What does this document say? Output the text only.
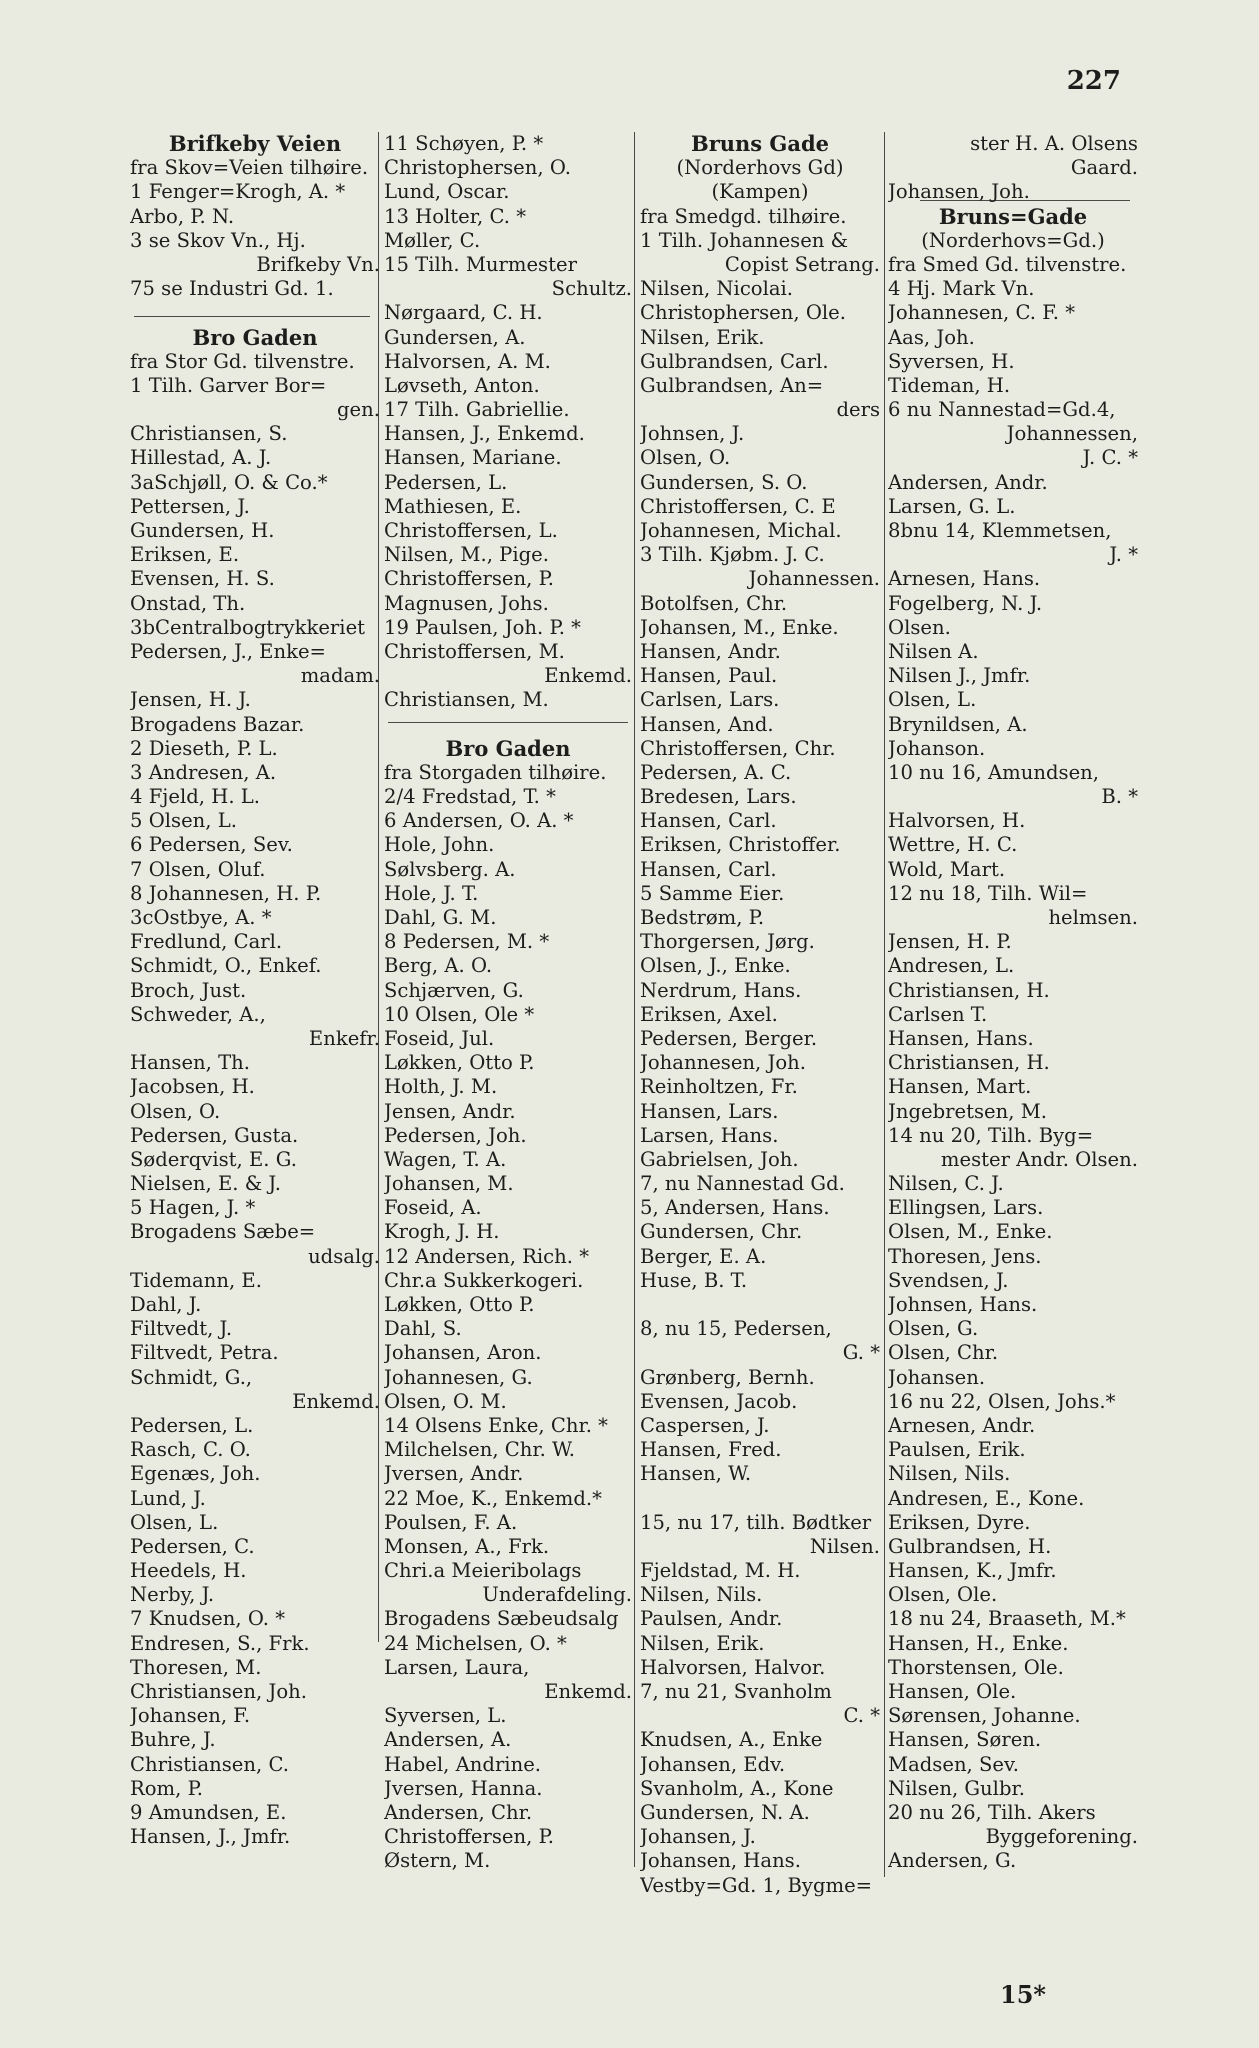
227
Brifkeby Veien
fra Skov=Veien tilhøire.
1 Fenger=Krogh, A. *
Arbo, P. N.
3 se Skov Vn., Hj.
Brifkeby Vn.
75 se Industri Gd. 1.
Bro Gaden
fra Stor Gd. tilvenstre.
1 Tilh. Garver Bor=
gen.
Christiansen, S.
Hillestad, A. J.
3aSchjøll, O. & Co.*
Pettersen, J.
Gundersen, H.
Eriksen, E.
Evensen, H. S.
Onstad, Th.
3bCentralbogtrykkeriet
Pedersen, J., Enke=
madam.
Jensen, H. J.
Brogadens Bazar.
2 Dieseth, P. L.
3 Andresen, A.
4 Fjeld, H. L.
5 Olsen, L.
6 Pedersen, Sev.
7 Olsen, Oluf.
8 Johannesen, H. P.
3cOstbye, A. *
Fredlund, Carl.
Schmidt, O., Enkef.
Broch, Just.
Schweder, A.,
Enkefr.
Hansen, Th.
Jacobsen, H.
Olsen, O.
Pedersen, Gusta.
Søderqvist, E. G.
Nielsen, E. & J.
5 Hagen, J. *
Brogadens Sæbe=
udsalg.
Tidemann, E.
Dahl, J.
Filtvedt, J.
Filtvedt, Petra.
Schmidt, G.,
Enkemd.
Pedersen, L.
Rasch, C. O.
Egenæs, Joh.
Lund, J.
Olsen, L.
Pedersen, C.
Heedels, H.
Nerby, J.
7 Knudsen, O. *
Endresen, S., Frk.
Thoresen, M.
Christiansen, Joh.
Johansen, F.
Buhre, J.
Christiansen, C.
Rom, P.
9 Amundsen, E.
Hansen, J., Jmfr.
11 Schøyen, P. *
Christophersen, O.
Lund, Oscar.
13 Holter, C. *
Møller, C.
15 Tilh. Murmester
Schultz.
Nørgaard, C. H.
Gundersen, A.
Halvorsen, A. M.
Løvseth, Anton.
17 Tilh. Gabriellie.
Hansen, J., Enkemd.
Hansen, Mariane.
Pedersen, L.
Mathiesen, E.
Christoffersen, L.
Nilsen, M., Pige.
Christoffersen, P.
Magnusen, Johs.
19 Paulsen, Joh. P. *
Christoffersen, M.
Enkemd.
Christiansen, M.
Bro Gaden
fra Storgaden tilhøire.
2/4 Fredstad, T. *
6 Andersen, O. A. *
Hole, John.
Sølvsberg. A.
Hole, J. T.
Dahl, G. M.
8 Pedersen, M. *
Berg, A. O.
Schjærven, G.
10 Olsen, Ole *
Foseid, Jul.
Løkken, Otto P.
Holth, J. M.
Jensen, Andr.
Pedersen, Joh.
Wagen, T. A.
Johansen, M.
Foseid, A.
Krogh, J. H.
12 Andersen, Rich. *
Chr.a Sukkerkogeri.
Løkken, Otto P.
Dahl, S.
Johansen, Aron.
Johannesen, G.
Olsen, O. M.
14 Olsens Enke, Chr. *
Milchelsen, Chr. W.
Jversen, Andr.
22 Moe, K., Enkemd.*
Poulsen, F. A.
Monsen, A., Frk.
Chri.a Meieribolags
Underafdeling.
Brogadens Sæbeudsalg
24 Michelsen, O. *
Larsen, Laura,
Enkemd.
Syversen, L.
Andersen, A.
Habel, Andrine.
Jversen, Hanna.
Andersen, Chr.
Christoffersen, P.
Østern, M.
Bruns Gade
(Norderhovs Gd)
(Kampen)
fra Smedgd. tilhøire.
1 Tilh. Johannesen &
Copist Setrang.
Nilsen, Nicolai.
Christophersen, Ole.
Nilsen, Erik.
Gulbrandsen, Carl.
Gulbrandsen, An=
ders
Johnsen, J.
Olsen, O.
Gundersen, S. O.
Christoffersen, C. E
Johannesen, Michal.
3 Tilh. Kjøbm. J. C.
Johannessen.
Botolfsen, Chr.
Johansen, M., Enke.
Hansen, Andr.
Hansen, Paul.
Carlsen, Lars.
Hansen, And.
Christoffersen, Chr.
Pedersen, A. C.
Bredesen, Lars.
Hansen, Carl.
Eriksen, Christoffer.
Hansen, Carl.
5 Samme Eier.
Bedstrøm, P.
Thorgersen, Jørg.
Olsen, J., Enke.
Nerdrum, Hans.
Eriksen, Axel.
Pedersen, Berger.
Johannesen, Joh.
Reinholtzen, Fr.
Hansen, Lars.
Larsen, Hans.
Gabrielsen, Joh.
7, nu Nannestad Gd.
5, Andersen, Hans.
Gundersen, Chr.
Berger, E. A.
Huse, B. T.
8, nu 15, Pedersen,
G. *
Grønberg, Bernh.
Evensen, Jacob.
Caspersen, J.
Hansen, Fred.
Hansen, W.
15, nu 17, tilh. Bødtker
Nilsen.
Fjeldstad, M. H.
Nilsen, Nils.
Paulsen, Andr.
Nilsen, Erik.
Halvorsen, Halvor.
7, nu 21, Svanholm
C. *
Knudsen, A., Enke
Johansen, Edv.
Svanholm, A., Kone
Gundersen, N. A.
Johansen, J.
Johansen, Hans.
Vestby=Gd. 1, Bygme=
ster H. A. Olsens
Gaard.
Johansen, Joh.
Bruns=Gade
(Norderhovs=Gd.)
fra Smed Gd. tilvenstre.
4 Hj. Mark Vn.
Johannesen, C. F. *
Aas, Joh.
Syversen, H.
Tideman, H.
6 nu Nannestad=Gd.4,
Johannessen,
J. C. *
Andersen, Andr.
Larsen, G. L.
8bnu 14, Klemmetsen,
J. *
Arnesen, Hans.
Fogelberg, N. J.
Olsen.
Nilsen A.
Nilsen J., Jmfr.
Olsen, L.
Brynildsen, A.
Johanson.
10 nu 16, Amundsen,
B. *
Halvorsen, H.
Wettre, H. C.
Wold, Mart.
12 nu 18, Tilh. Wil=
helmsen.
Jensen, H. P.
Andresen, L.
Christiansen, H.
Carlsen T.
Hansen, Hans.
Christiansen, H.
Hansen, Mart.
Jngebretsen, M.
14 nu 20, Tilh. Byg=
mester Andr. Olsen.
Nilsen, C. J.
Ellingsen, Lars.
Olsen, M., Enke.
Thoresen, Jens.
Svendsen, J.
Johnsen, Hans.
Olsen, G.
Olsen, Chr.
Johansen.
16 nu 22, Olsen, Johs.*
Arnesen, Andr.
Paulsen, Erik.
Nilsen, Nils.
Andresen, E., Kone.
Eriksen, Dyre.
Gulbrandsen, H.
Hansen, K., Jmfr.
Olsen, Ole.
18 nu 24, Braaseth, M.*
Hansen, H., Enke.
Thorstensen, Ole.
Hansen, Ole.
Sørensen, Johanne.
Hansen, Søren.
Madsen, Sev.
Nilsen, Gulbr.
20 nu 26, Tilh. Akers
Byggeforening.
Andersen, G.
15*
